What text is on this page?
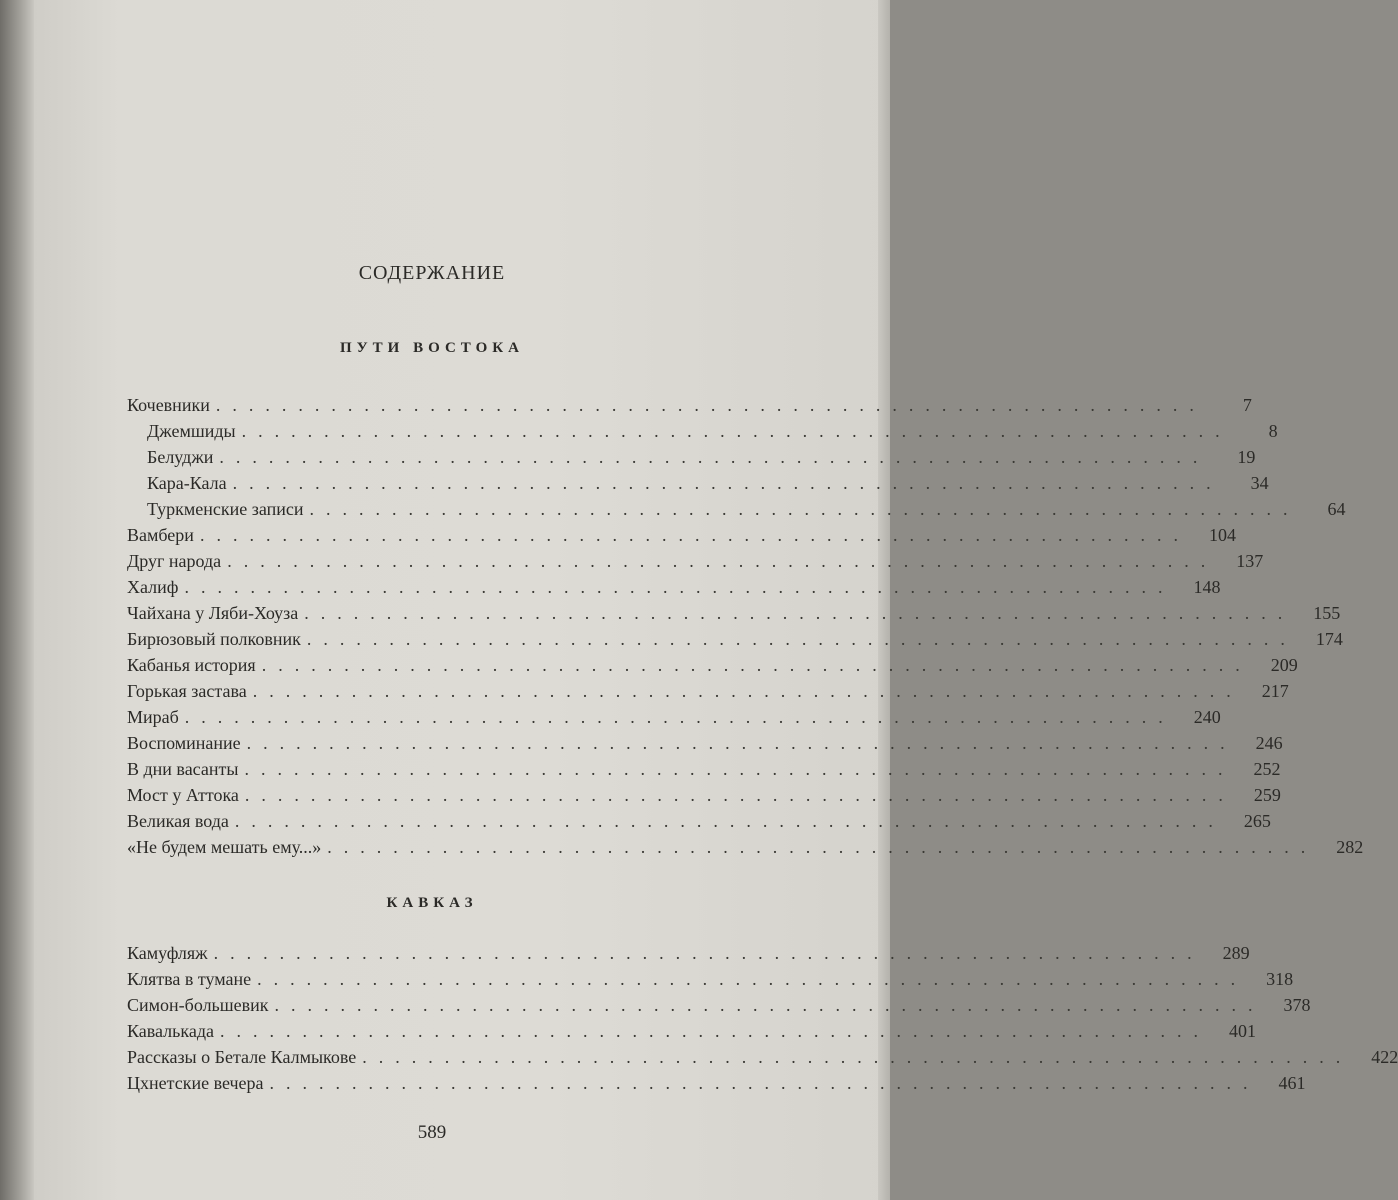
СОДЕРЖАНИЕ
ПУТИ ВОСТОКА
Кочевники ............................................................	7
Джемшиды ............................................................	8
Белуджи ............................................................	19
Кара-Кала ............................................................	34
Туркменские записи ............................................................	64
Вамбери ............................................................	104
Друг народа ............................................................	137
Халиф ............................................................	148
Чайхана у Ляби-Хоуза ............................................................	155
Бирюзовый полковник ............................................................	174
Кабанья история ............................................................	209
Горькая застава ............................................................	217
Мираб ............................................................	240
Воспоминание ............................................................	246
В дни васанты ............................................................	252
Мост у Аттока ............................................................	259
Великая вода ............................................................	265
«Не будем мешать ему...» ............................................................	282
КАВКАЗ
Камуфляж ............................................................	289
Клятва в тумане ............................................................	318
Симон-большевик ............................................................	378
Кавалькада ............................................................	401
Рассказы о Бетале Калмыкове ............................................................	422
Цхнетские вечера ............................................................	461
589
